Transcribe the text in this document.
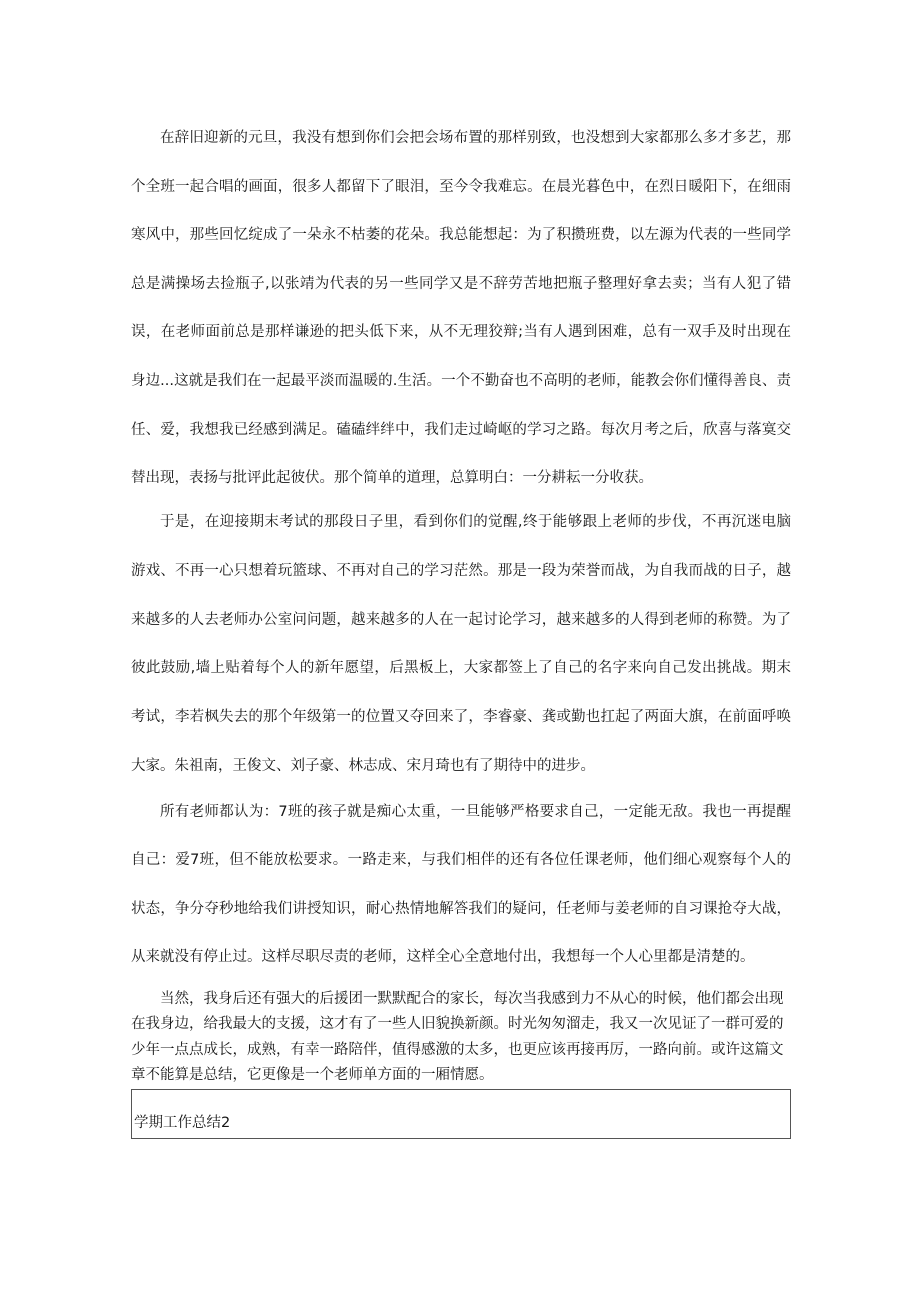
在辞旧迎新的元旦，我没有想到你们会把会场布置的那样别致，也没想到大家都那么多才多艺，那
个全班一起合唱的画面，很多人都留下了眼泪，至今令我难忘。在晨光暮色中，在烈日暖阳下，在细雨
寒风中，那些回忆绽成了一朵永不枯萎的花朵。我总能想起：为了积攒班费，以左源为代表的一些同学
总是满操场去捡瓶子,以张靖为代表的另一些同学又是不辞劳苦地把瓶子整理好拿去卖；当有人犯了错
误，在老师面前总是那样谦逊的把头低下来，从不无理狡辩;当有人遇到困难，总有一双手及时出现在
身边...这就是我们在一起最平淡而温暖的.生活。一个不勤奋也不高明的老师，能教会你们懂得善良、责
任、爱，我想我已经感到满足。磕磕绊绊中，我们走过崎岖的学习之路。每次月考之后，欣喜与落寞交
替出现，表扬与批评此起彼伏。那个简单的道理，总算明白：一分耕耘一分收获。
于是，在迎接期末考试的那段日子里，看到你们的觉醒,终于能够跟上老师的步伐，不再沉迷电脑
游戏、不再一心只想着玩篮球、不再对自己的学习茫然。那是一段为荣誉而战，为自我而战的日子，越
来越多的人去老师办公室问问题，越来越多的人在一起讨论学习，越来越多的人得到老师的称赞。为了
彼此鼓励,墙上贴着每个人的新年愿望，后黑板上，大家都签上了自己的名字来向自己发出挑战。期末
考试，李若枫失去的那个年级第一的位置又夺回来了，李睿豪、龚或勤也扛起了两面大旗，在前面呼唤
大家。朱祖南，王俊文、刘子豪、林志成、宋月琦也有了期待中的进步。
所有老师都认为：7班的孩子就是痴心太重，一旦能够严格要求自己，一定能无敌。我也一再提醒
自己：爱7班，但不能放松要求。一路走来，与我们相伴的还有各位任课老师，他们细心观察每个人的
状态，争分夺秒地给我们讲授知识，耐心热情地解答我们的疑问，任老师与姜老师的自习课抢夺大战，
从来就没有停止过。这样尽职尽责的老师，这样全心全意地付出，我想每一个人心里都是清楚的。
当然，我身后还有强大的后援团一默默配合的家长，每次当我感到力不从心的时候，他们都会出现
在我身边，给我最大的支援，这才有了一些人旧貌换新颜。时光匆匆溜走，我又一次见证了一群可爱的
少年一点点成长，成熟，有幸一路陪伴，值得感激的太多，也更应该再接再厉，一路向前。或许这篇文
章不能算是总结，它更像是一个老师单方面的一厢情愿。
学期工作总结2
